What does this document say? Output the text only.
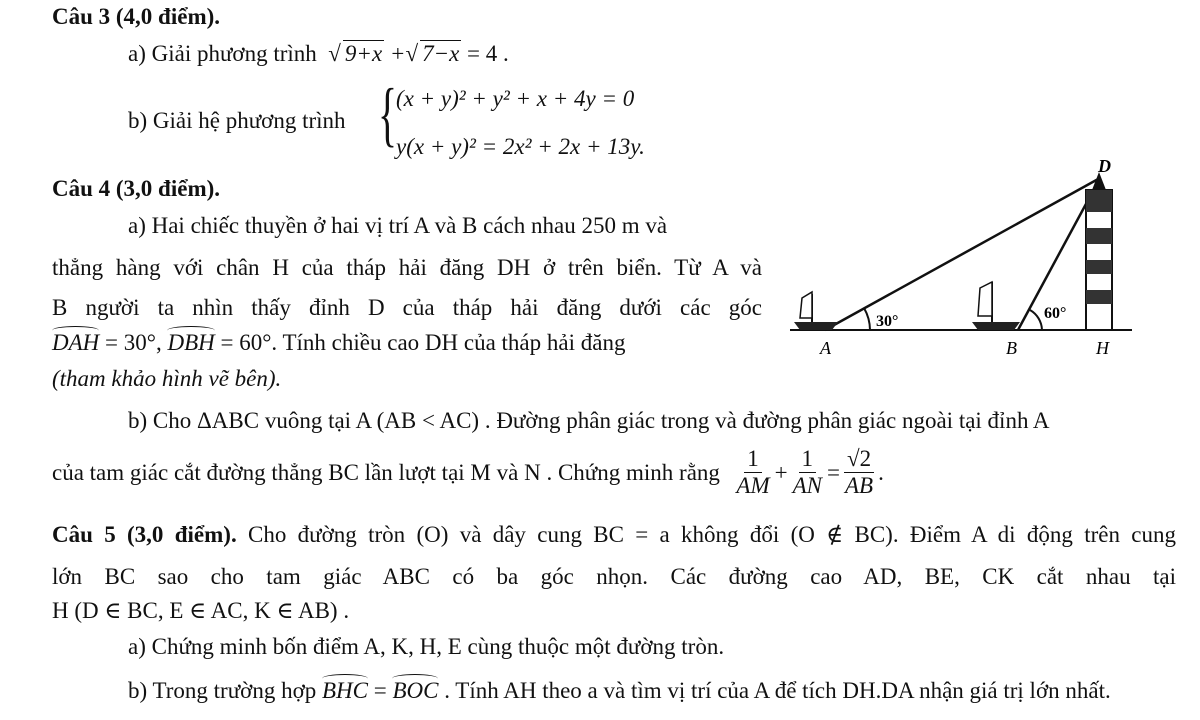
Câu 3 (4,0 điểm).
a) Giải phương trình √ 9+x +√ 7−x = 4 .
b) Giải hệ phương trình {
(x + y)² + y² + x + 4y = 0
y(x + y)² = 2x² + 2x + 13y.
Câu 4 (3,0 điểm).
a) Hai chiếc thuyền ở hai vị trí A và B cách nhau 250 m và
thẳng hàng với chân H của tháp hải đăng DH ở trên biển. Từ A và
B người ta nhìn thấy đỉnh D của tháp hải đăng dưới các góc
DAH = 30°, DBH = 60°. Tính chiều cao DH của tháp hải đăng
(tham khảo hình vẽ bên).
D
A	B	H
30°	60°
b) Cho ΔABC vuông tại A (AB < AC) . Đường phân giác trong và đường phân giác ngoài tại đỉnh A
của tam giác cắt đường thẳng BC lần lượt tại M và N . Chứng minh rằng
$\frac{1}{AM} + \frac{1}{AN} = \frac{√2}{AB}$ .
Câu 5 (3,0 điểm). Cho đường tròn (O) và dây cung BC = a không đổi (O ∉ BC). Điểm A di động trên cung
lớn BC sao cho tam giác ABC có ba góc nhọn. Các đường cao AD, BE, CK cắt nhau tại
H (D ∈ BC, E ∈ AC, K ∈ AB) .
a) Chứng minh bốn điểm A, K, H, E cùng thuộc một đường tròn.
b) Trong trường hợp BHC = BOC . Tính AH theo a và tìm vị trí của A để tích DH.DA nhận giá trị lớn nhất.
